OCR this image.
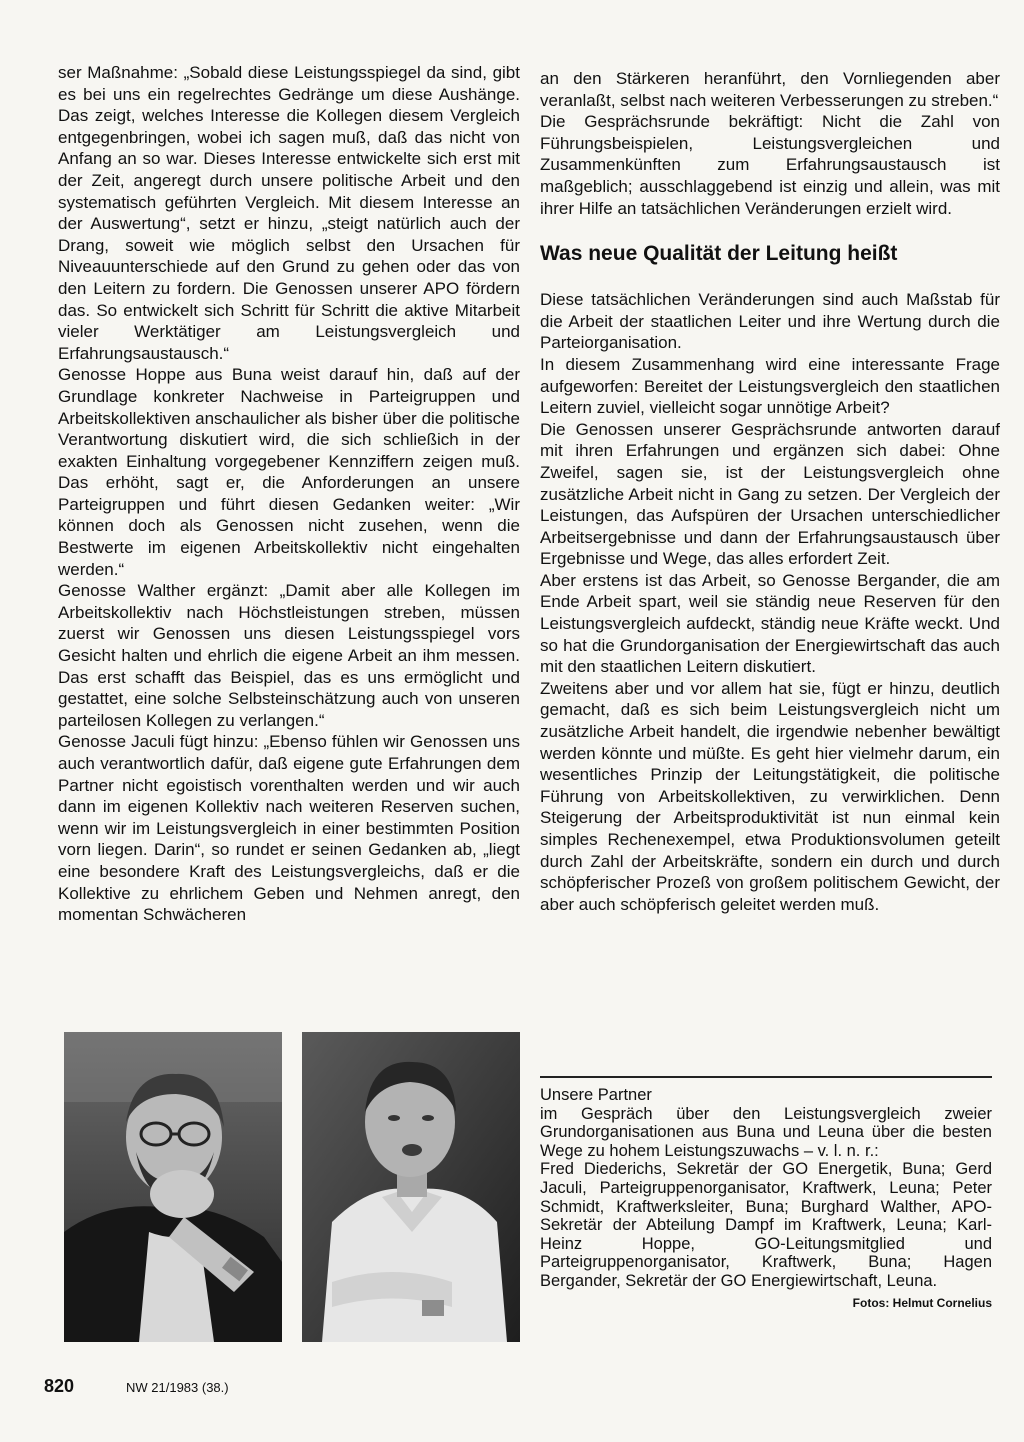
ser Maßnahme: „Sobald diese Leistungsspiegel da sind, gibt es bei uns ein regelrechtes Gedränge um diese Aushänge. Das zeigt, welches Interesse die Kollegen diesem Vergleich entgegenbringen, wobei ich sagen muß, daß das nicht von Anfang an so war. Dieses Interesse entwickelte sich erst mit der Zeit, angeregt durch unsere politische Arbeit und den systematisch geführten Vergleich. Mit diesem Interesse an der Auswertung“, setzt er hinzu, „steigt natürlich auch der Drang, soweit wie möglich selbst den Ursachen für Niveauunterschiede auf den Grund zu gehen oder das von den Leitern zu fordern. Die Genossen unserer APO fördern das. So entwickelt sich Schritt für Schritt die aktive Mitarbeit vieler Werktätiger am Leistungsvergleich und Erfahrungsaustausch.“

Genosse Hoppe aus Buna weist darauf hin, daß auf der Grundlage konkreter Nachweise in Parteigruppen und Arbeitskollektiven anschaulicher als bisher über die politische Verantwortung diskutiert wird, die sich schließich in der exakten Einhaltung vorgegebener Kennziffern zeigen muß. Das erhöht, sagt er, die Anforderungen an unsere Parteigruppen und führt diesen Gedanken weiter: „Wir können doch als Genossen nicht zusehen, wenn die Bestwerte im eigenen Arbeitskollektiv nicht eingehalten werden.“

Genosse Walther ergänzt: „Damit aber alle Kollegen im Arbeitskollektiv nach Höchstleistungen streben, müssen zuerst wir Genossen uns diesen Leistungsspiegel vors Gesicht halten und ehrlich die eigene Arbeit an ihm messen. Das erst schafft das Beispiel, das es uns ermöglicht und gestattet, eine solche Selbsteinschätzung auch von unseren parteilosen Kollegen zu verlangen.“

Genosse Jaculi fügt hinzu: „Ebenso fühlen wir Genossen uns auch verantwortlich dafür, daß eigene gute Erfahrungen dem Partner nicht egoistisch vorenthalten werden und wir auch dann im eigenen Kollektiv nach weiteren Reserven suchen, wenn wir im Leistungsvergleich in einer bestimmten Position vorn liegen. Darin“, so rundet er seinen Gedanken ab, „liegt eine besondere Kraft des Leistungsvergleichs, daß er die Kollektive zu ehrlichem Geben und Nehmen anregt, den momentan Schwächeren

an den Stärkeren heranführt, den Vornliegenden aber veranlaßt, selbst nach weiteren Verbesserungen zu streben.“

Die Gesprächsrunde bekräftigt: Nicht die Zahl von Führungsbeispielen, Leistungsvergleichen und Zusammenkünften zum Erfahrungsaustausch ist maßgeblich; ausschlaggebend ist einzig und allein, was mit ihrer Hilfe an tatsächlichen Veränderungen erzielt wird.

Was neue Qualität der Leitung heißt

Diese tatsächlichen Veränderungen sind auch Maßstab für die Arbeit der staatlichen Leiter und ihre Wertung durch die Parteiorganisation.

In diesem Zusammenhang wird eine interessante Frage aufgeworfen: Bereitet der Leistungsvergleich den staatlichen Leitern zuviel, vielleicht sogar unnötige Arbeit?

Die Genossen unserer Gesprächsrunde antworten darauf mit ihren Erfahrungen und ergänzen sich dabei: Ohne Zweifel, sagen sie, ist der Leistungsvergleich ohne zusätzliche Arbeit nicht in Gang zu setzen. Der Vergleich der Leistungen, das Aufspüren der Ursachen unterschiedlicher Arbeitsergebnisse und dann der Erfahrungsaustausch über Ergebnisse und Wege, das alles erfordert Zeit.

Aber erstens ist das Arbeit, so Genosse Bergander, die am Ende Arbeit spart, weil sie ständig neue Reserven für den Leistungsvergleich aufdeckt, ständig neue Kräfte weckt. Und so hat die Grundorganisation der Energiewirtschaft das auch mit den staatlichen Leitern diskutiert.

Zweitens aber und vor allem hat sie, fügt er hinzu, deutlich gemacht, daß es sich beim Leistungsvergleich nicht um zusätzliche Arbeit handelt, die irgendwie nebenher bewältigt werden könnte und müßte. Es geht hier vielmehr darum, ein wesentliches Prinzip der Leitungstätigkeit, die politische Führung von Arbeitskollektiven, zu verwirklichen. Denn Steigerung der Arbeitsproduktivität ist nun einmal kein simples Rechenexempel, etwa Produktionsvolumen geteilt durch Zahl der Arbeitskräfte, sondern ein durch und durch schöpferischer Prozeß von großem politischem Gewicht, der aber auch schöpferisch geleitet werden muß.

Unsere Partner

im Gespräch über den Leistungsvergleich zweier Grundorganisationen aus Buna und Leuna über die besten Wege zu hohem Leistungszuwachs – v. l. n. r.:

Fred Diederichs, Sekretär der GO Energetik, Buna; Gerd Jaculi, Parteigruppenorganisator, Kraftwerk, Leuna; Peter Schmidt, Kraftwerksleiter, Buna; Burghard Walther, APO-Sekretär der Abteilung Dampf im Kraftwerk, Leuna; Karl-Heinz Hoppe, GO-Leitungsmitglied und Parteigruppenorganisator, Kraftwerk, Buna; Hagen Bergander, Sekretär der GO Energiewirtschaft, Leuna.
Fotos: Helmut Cornelius

820	NW 21/1983 (38.)
